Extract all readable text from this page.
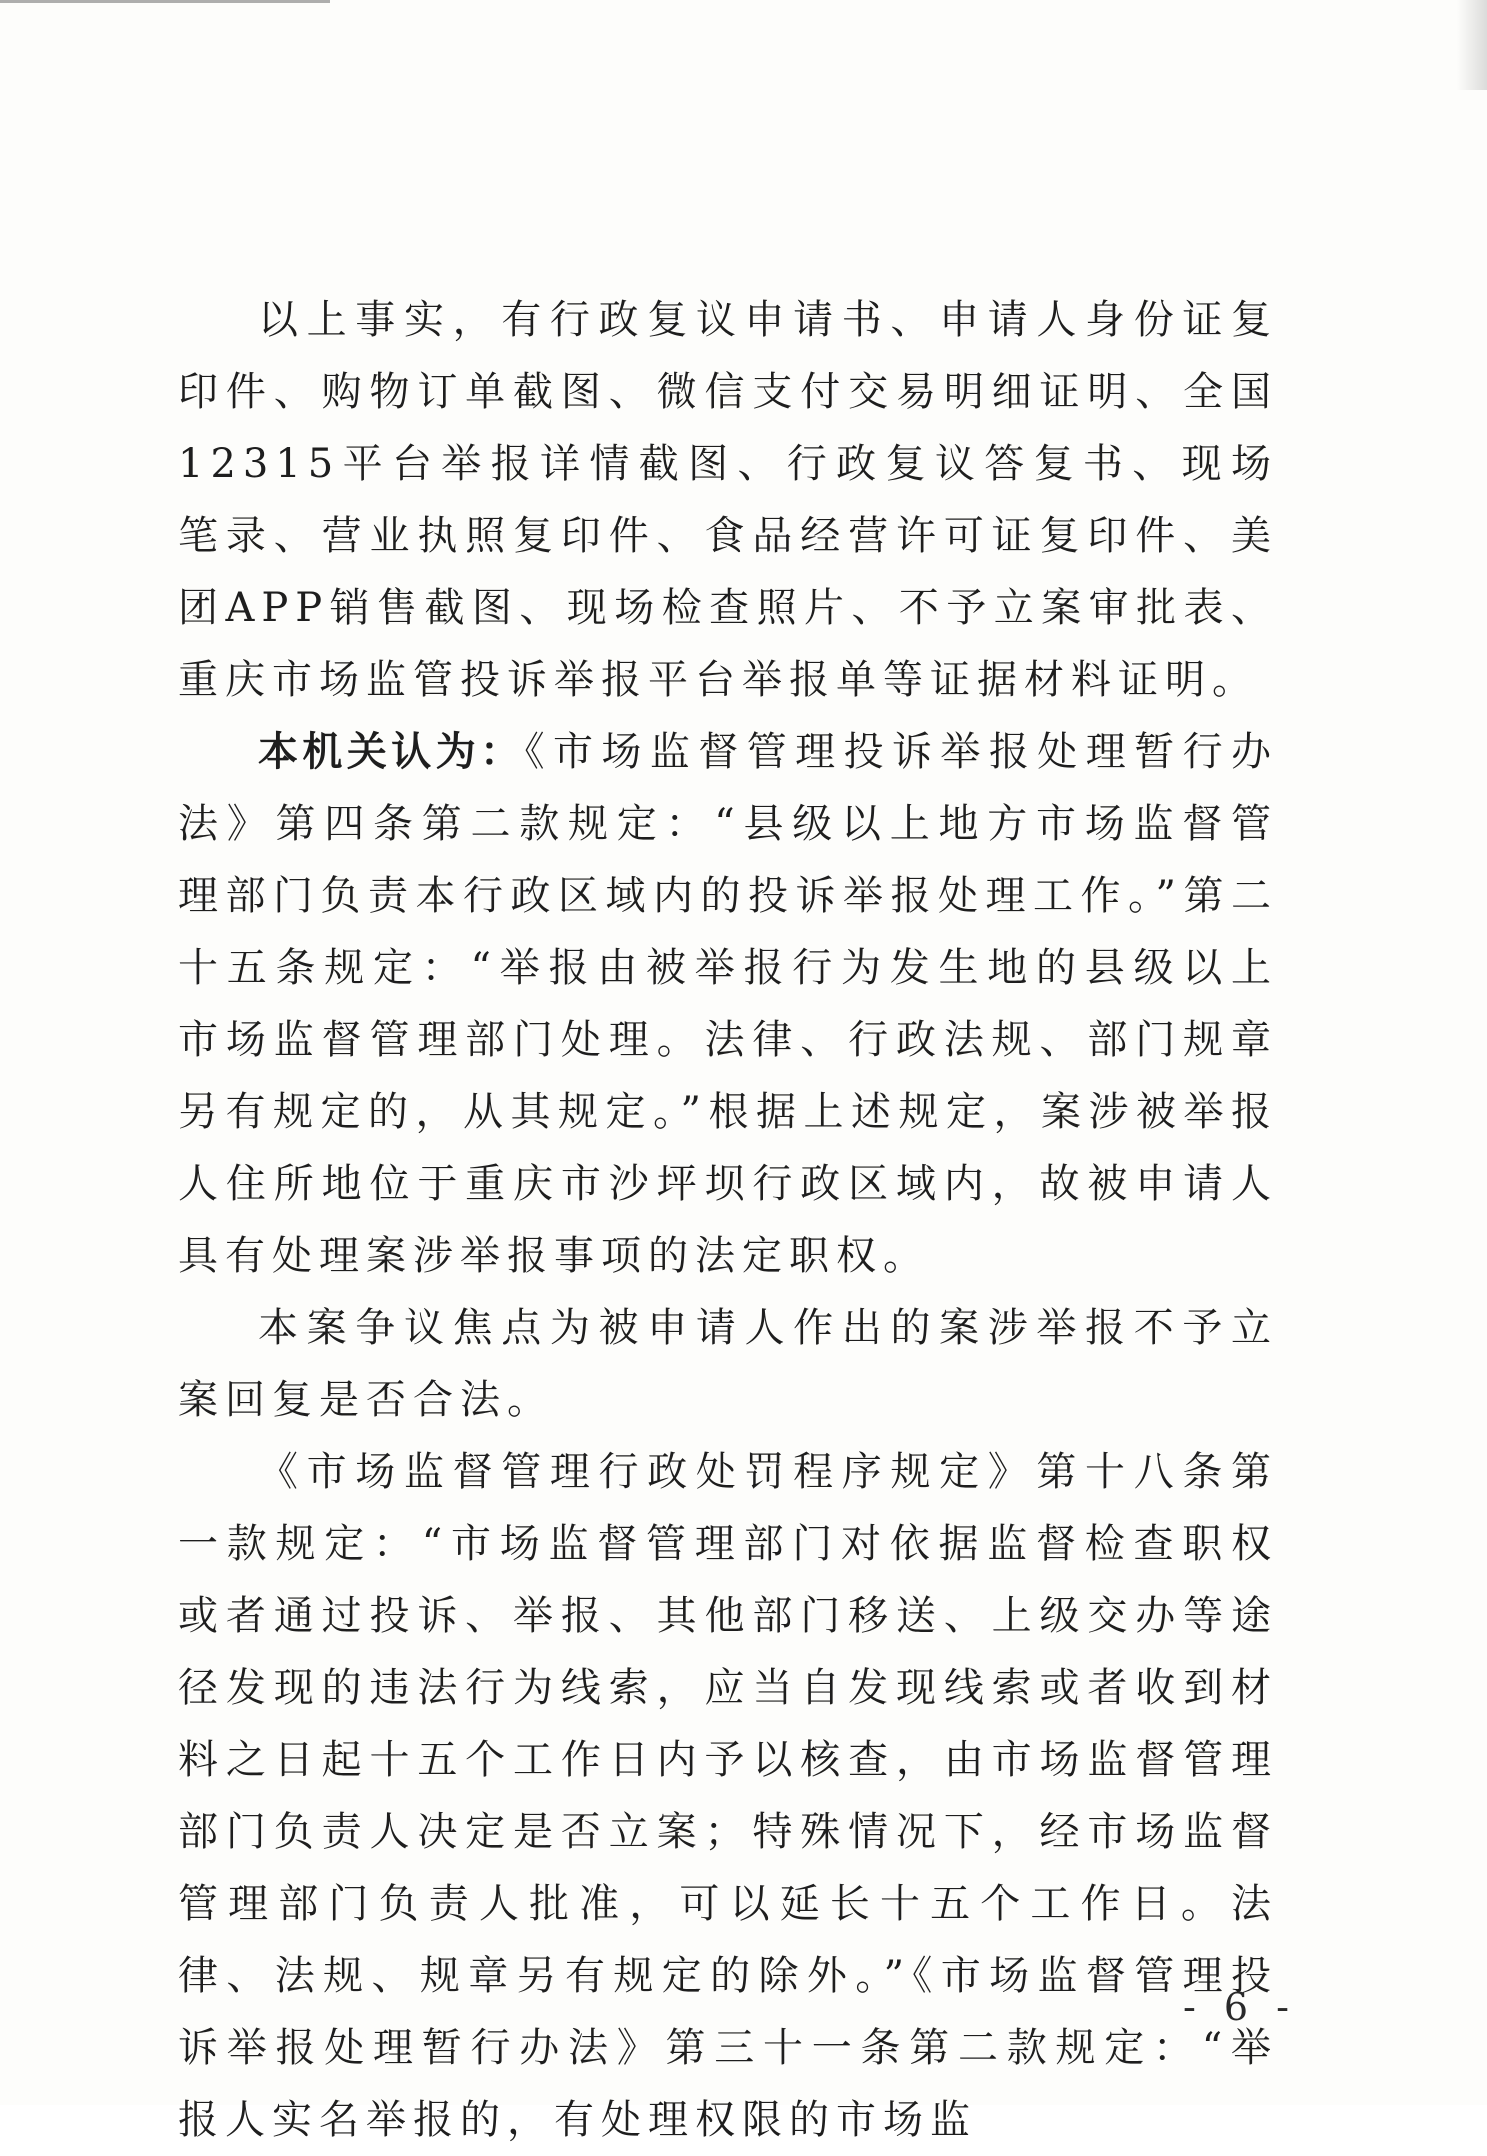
以上事实，有行政复议申请书、申请人身份证复印件、购物订单截图、微信支付交易明细证明、全国12315平台举报详情截图、行政复议答复书、现场笔录、营业执照复印件、食品经营许可证复印件、美团APP销售截图、现场检查照片、不予立案审批表、重庆市场监管投诉举报平台举报单等证据材料证明。

本机关认为：《市场监督管理投诉举报处理暂行办法》第四条第二款规定：“县级以上地方市场监督管理部门负责本行政区域内的投诉举报处理工作。”第二十五条规定：“举报由被举报行为发生地的县级以上市场监督管理部门处理。法律、行政法规、部门规章另有规定的，从其规定。”根据上述规定，案涉被举报人住所地位于重庆市沙坪坝行政区域内，故被申请人具有处理案涉举报事项的法定职权。

本案争议焦点为被申请人作出的案涉举报不予立案回复是否合法。

《市场监督管理行政处罚程序规定》第十八条第一款规定：“市场监督管理部门对依据监督检查职权或者通过投诉、举报、其他部门移送、上级交办等途径发现的违法行为线索，应当自发现线索或者收到材料之日起十五个工作日内予以核查，由市场监督管理部门负责人决定是否立案；特殊情况下，经市场监督管理部门负责人批准，可以延长十五个工作日。法律、法规、规章另有规定的除外。”《市场监督管理投诉举报处理暂行办法》第三十一条第二款规定：“举报人实名举报的，有处理权限的市场监

- 6 -
